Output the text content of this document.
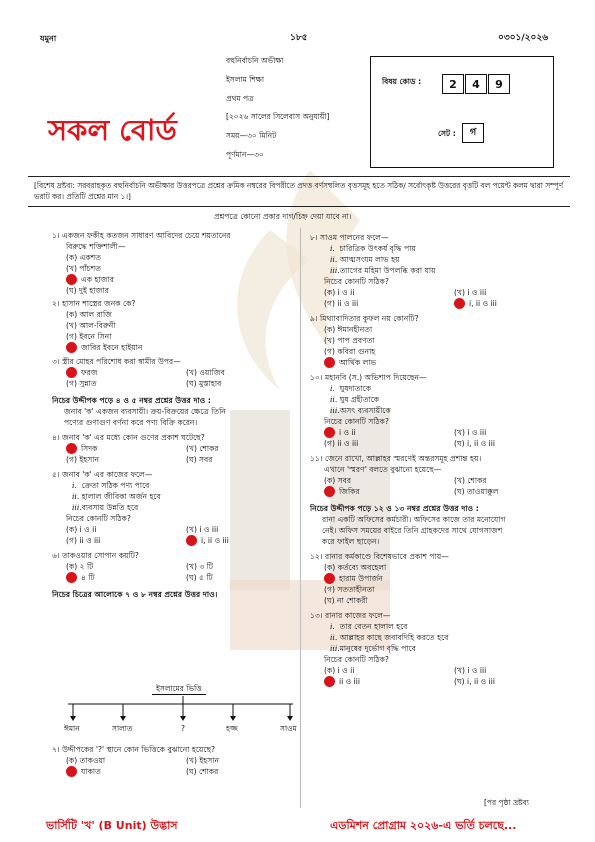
যমুনা	১৮৫	০৩০১/২০২৬
সকল বোর্ড
বহুনির্বাচনি অভীক্ষা
ইসলাম শিক্ষা
প্রথম পত্র
[২০২৬ সালের সিলেবাস অনুযায়ী]
সময়—৩০ মিনিট
পূর্ণমান—৩০
বিষয় কোড :	2	4	9
সেট :	গ
[বিশেষ দ্রষ্টব্য: সরবরাহকৃত বহুনির্বাচনি অভীক্ষার উত্তরপত্রে প্রশ্নের ক্রমিক নম্বরের বিপরীতে প্রদত্ত বর্ণসম্বলিত বৃত্তসমূহ হতে সঠিক/ সর্বোৎকৃষ্ট উত্তরের বৃত্তটি বল পয়েন্ট কলম দ্বারা সম্পূর্ণ ভরাট কর। প্রতিটি প্রশ্নের মান ১।]
প্রশ্নপত্রে কোনো প্রকার দাগ/চিহ্ন দেয়া যাবে না।
১। একজন ফকীহ কতজন সাধারণ আবিদের চেয়ে শয়তানের
বিরুদ্ধে শক্তিশালী—
(ক) একশত
(খ) পাঁচশত
এক হাজার
(ঘ) দুই হাজার
২। হাসান শাস্ত্রের জনক কে?
(ক) আল রাজি
(খ) আল-বিরুনী
(গ) ইবনে সিনা
জাবির ইবনে হাইয়ান
৩। স্ত্রীর মোহর পরিশোধ করা স্বামীর উপর—
ফরজ	(খ) ওয়াজিব
(গ) সুন্নাত	(ঘ) মুস্তাহাব
নিচের উদ্দীপক পড়ে ৪ ও ৫ নম্বর প্রশ্নের উত্তর দাও :
জনাব 'ক' একজন ব্যবসায়ী। ক্রয়-বিক্রয়ের ক্ষেত্রে তিনি
পণ্যের গুণাগুণ বর্ণনা করে পণ্য বিক্রি করেন।
৪। জনাব 'ক' এর মধ্যে কোন গুণের প্রকাশ ঘটেছে?
সিদক	(খ) শোকর
(গ) ইহসান	(ঘ) সবর
৫। জনাব 'ক' এর কাজের ফলে—
i. ক্রেতা সঠিক পণ্য পাবে
ii. হালাল জীবিকা অর্জন হবে
iii.ব্যবসায় উন্নতি হবে
নিচের কোনটি সঠিক?
(ক) i ও ii	(খ) i ও iii
(গ) ii ও iii	i, ii ও iii
৬। তাকওয়ার সোপান কয়টি?
(ক) ২ টি	(খ) ৩ টি
৪ টি	(ঘ) ৫ টি
নিচের চিত্রের আলোকে ৭ ও ৮ নম্বর প্রশ্নের উত্তর দাও।
ইসলামের ভিত্তি
ঈমান	সালাত	?	হজ্জ	সাওম
৭। উদ্দীপকের '?' স্থানে কোন ভিত্তিকে বুঝানো হয়েছে?
(ক) তাকওয়া	(খ) ইহসান
যাকাত	(ঘ) শোকর
৮। সাওম পালনের ফলে—
i. চারিত্রিক উৎকর্ষ বৃদ্ধি পায়
ii. আত্মসংযম লাভ হয়
iii.ত্যাগের মহিমা উপলব্ধি করা যায়
নিচের কোনটি সঠিক?
(ক) i ও ii	(খ) i ও iii
(গ) ii ও iii	i, ii ও iii
৯। মিথ্যাবাদিতার কুফল নয় কোনটি?
(ক) ঈমানহীনতা
(খ) পাপ প্রবণতা
(গ) কবিরা গুনাহ
আর্থিক লাভ
১০। মহানবি (স.) অভিশাপ দিয়েছেন—
i. ঘুষদাতাকে
ii. ঘুষ গ্রহীতাকে
iii.অসৎ ব্যবসায়ীকে
নিচের কোনটি সঠিক?
i ও ii	(খ) i ও iii
(গ) ii ও iii	(ঘ) i, ii ও iii
১১। জেনে রাখো, আল্লাহর স্মরণেই অন্তরসমূহ প্রশান্ত হয়।
এখানে 'স্মরণ' বলতে বুঝানো হয়েছে—
(ক) সবর	(খ) শোকর
জিকির	(ঘ) তাওয়াক্কুল
নিচের উদ্দীপক পড়ে ১২ ও ১৩ নম্বর প্রশ্নের উত্তর দাও :
রানা একটি অফিসের কর্মচারী। অফিসের কাজে তার মনোযোগ
নেই। অফিস সময়ের বাইরে তিনি গ্রাহকদের সাথে যোগসাজশ
করে ফাইল ছাড়েন।
১২। রানার কর্মকাণ্ডে বিশেষভাবে প্রকাশ পায়—
(ক) কর্তব্যে অবহেলা
হারাম উপার্জন
(গ) সততাহীনতা
(ঘ) না শোকরী
১৩। রানার কাজের ফলে—
i. তার বেতন হালাল হবে
ii. আল্লাহর কাছে জবাবদিহি করতে হবে
iii.মানুষের দুর্ভোগ বৃদ্ধি পাবে
নিচের কোনটি সঠিক?
(ক) i ও ii	(খ) i ও iii
ii ও iii	(ঘ) i, ii ও iii
[পর পৃষ্ঠা দ্রষ্টব্য
ভার্সিটি 'খ' (B Unit) উদ্ভাস	এডমিশন প্রোগ্রাম ২০২৬-এ ভর্তি চলছে...
